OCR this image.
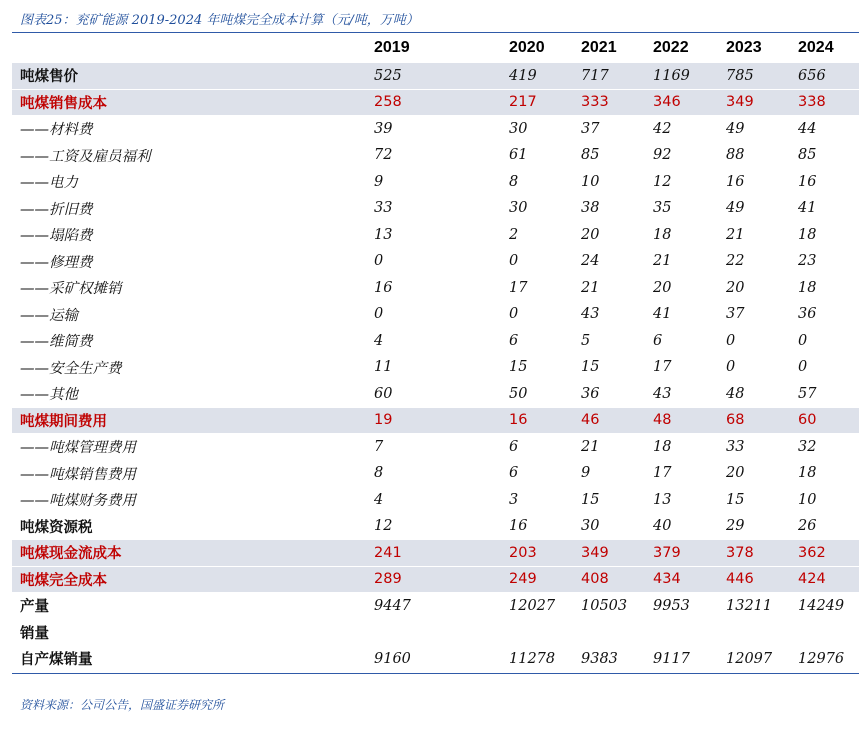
图表25：兖矿能源 2019-2024 年吨煤完全成本计算（元/吨，万吨）
2019	2020 2021 2022 2023 2024
吨煤售价	525	419	717	1169 785	656
吨煤销售成本	258	217	333	346	349	338
——材料费	39	30	37	42	49	44
——工资及雇员福利	72	61	85	92	88	85
——电力	9	8	10	12	16	16
——折旧费	33	30	38	35	49	41
——塌陷费	13	2	20	18	21	18
——修理费	0	0	24	21	22	23
——采矿权摊销	16	17	21	20	20	18
——运输	0	0	43	41	37	36
——维简费	4	6	5	6	0	0
——安全生产费	11	15	15	17	0	0
——其他	60	50	36	43	48	57
吨煤期间费用	19	16	46	48	68	60
——吨煤管理费用	7	6	21	18	33	32
——吨煤销售费用	8	6	9	17	20	18
——吨煤财务费用	4	3	15	13	15	10
吨煤资源税	12	16	30	40	29	26
吨煤现金流成本	241	203	349	379	378	362
吨煤完全成本	289	249	408	434	446	424
产量	9447	12027 10503 9953 13211 14249
销量
自产煤销量	9160	11278 9383 9117 12097 12976
资料来源：公司公告，国盛证券研究所
